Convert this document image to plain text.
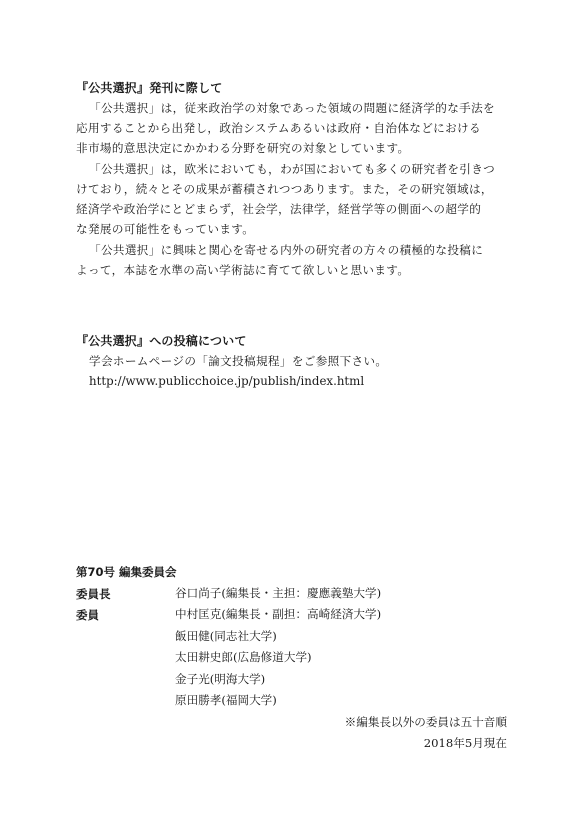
『公共選択』発刊に際して
「公共選択」は，従来政治学の対象であった領域の問題に経済学的な手法を
応用することから出発し，政治システムあるいは政府・自治体などにおける
非市場的意思決定にかかわる分野を研究の対象としています。
「公共選択」は，欧米においても，わが国においても多くの研究者を引きつ
けており，続々とその成果が蓄積されつつあります。また，その研究領域は，
経済学や政治学にとどまらず，社会学，法律学，経営学等の側面への超学的
な発展の可能性をもっています。
「公共選択」に興味と関心を寄せる内外の研究者の方々の積極的な投稿に
よって，本誌を水準の高い学術誌に育てて欲しいと思います。
『公共選択』への投稿について
学会ホームページの「論文投稿規程」をご参照下さい。
http://www.publicchoice.jp/publish/index.html
第70号 編集委員会
委員長	谷口尚子(編集長・主担：慶應義塾大学)
委員	中村匡克(編集長・副担：高崎経済大学)
飯田健(同志社大学)
太田耕史郎(広島修道大学)
金子光(明海大学)
原田勝孝(福岡大学)
※編集長以外の委員は五十音順
2018年5月現在
